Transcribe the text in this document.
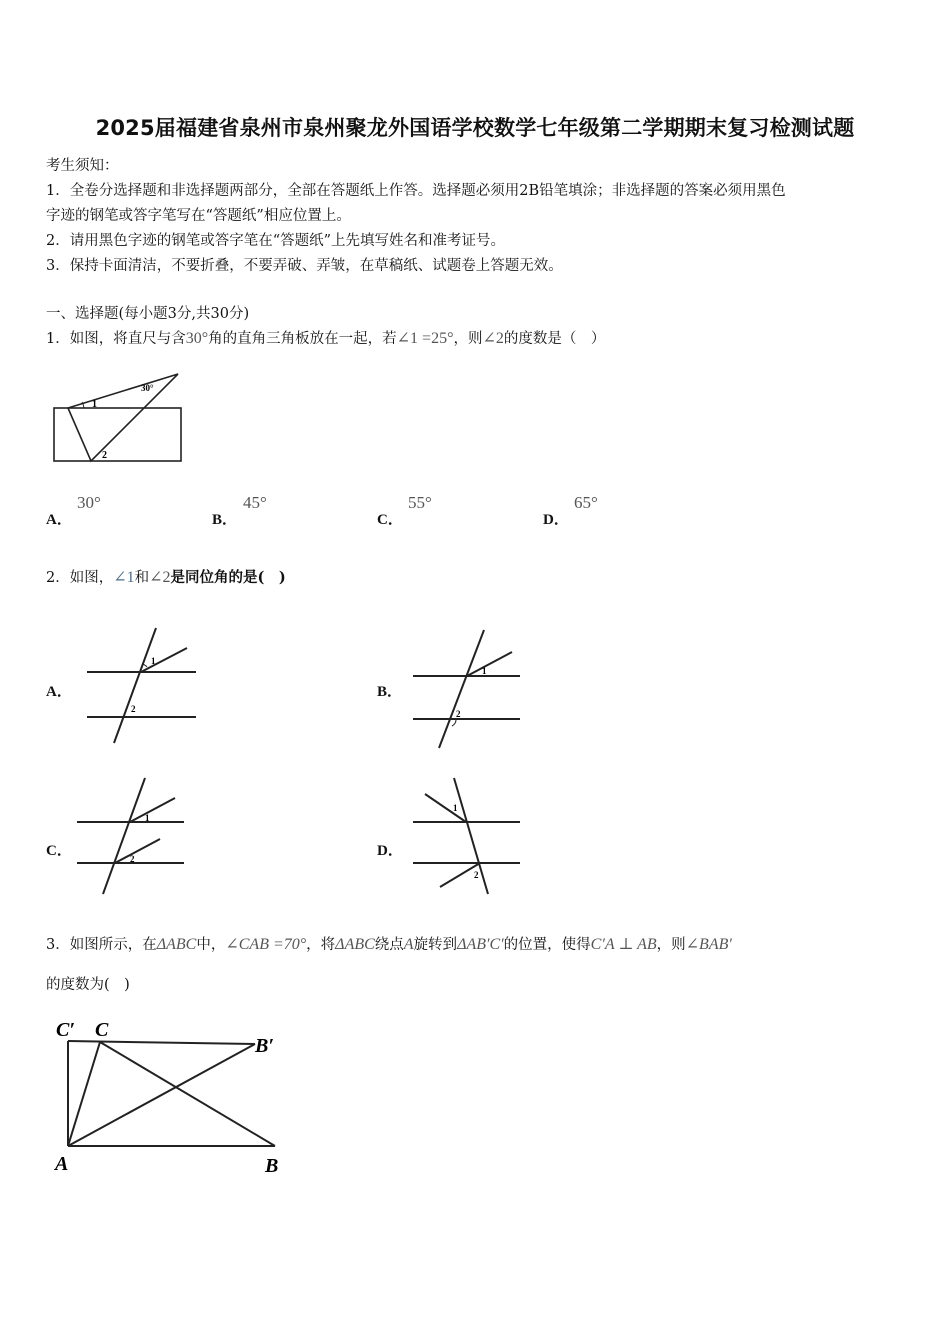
2025届福建省泉州市泉州聚龙外国语学校数学七年级第二学期期末复习检测试题
考生须知：
1．全卷分选择题和非选择题两部分，全部在答题纸上作答。选择题必须用2B铅笔填涂；非选择题的答案必须用黑色
字迹的钢笔或答字笔写在“答题纸”相应位置上。
2．请用黑色字迹的钢笔或答字笔在“答题纸”上先填写姓名和准考证号。
3．保持卡面清洁，不要折叠，不要弄破、弄皱，在草稿纸、试题卷上答题无效。
一、选择题(每小题3分,共30分)
1．如图，将直尺与含30°角的直角三角板放在一起，若∠1 =25°，则∠2的度数是（　）
30°
1
2
A．
30°
B．
45°
C．
55°
D．
65°
2．如图，∠1和∠2是同位角的是(　)
A．
1
2
B．
1
2
C．
1
2	D．
1
2
3．如图所示，在ΔABC中，∠CAB =70°，将ΔABC绕点A旋转到ΔAB′C′的位置，使得C′A ⊥ AB，则∠BAB′
的度数为(　)
C′ C
B′
A	B
